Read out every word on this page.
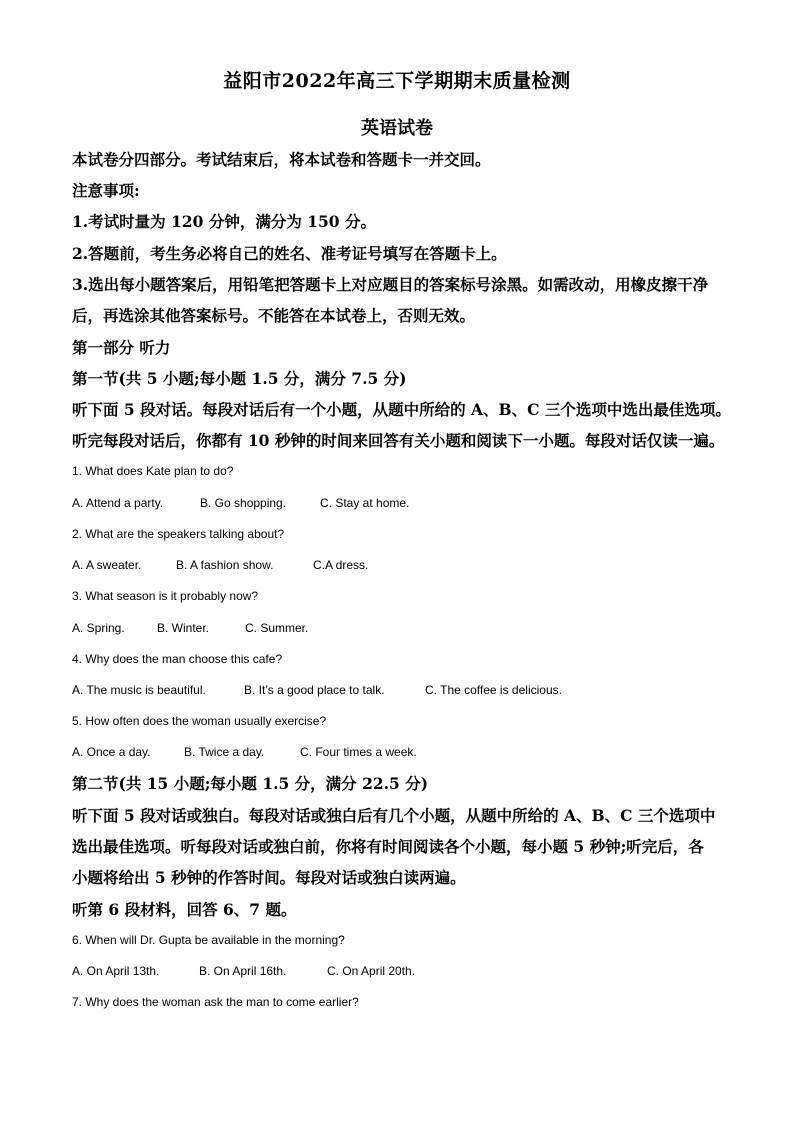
益阳市2022年高三下学期期末质量检测
英语试卷
本试卷分四部分。考试结束后，将本试卷和答题卡一并交回。
注意事项:
1.考试时量为 120 分钟，满分为 150 分。
2.答题前，考生务必将自己的姓名、准考证号填写在答题卡上。
3.选出每小题答案后，用铅笔把答题卡上对应题目的答案标号涂黑。如需改动，用橡皮擦干净
后，再选涂其他答案标号。不能答在本试卷上，否则无效。
第一部分 听力
第一节(共 5 小题;每小题 1.5 分，满分 7.5 分)
听下面 5 段对话。每段对话后有一个小题，从题中所给的 A、B、C 三个选项中选出最佳选项。
听完每段对话后，你都有 10 秒钟的时间来回答有关小题和阅读下一小题。每段对话仅读一遍。
1. What does Kate plan to do?
A. Attend a party.	B. Go shopping.	C. Stay at home.
2. What are the speakers talking about?
A. A sweater.	B. A fashion show.	C.A dress.
3. What season is it probably now?
A. Spring.	B. Winter.	C. Summer.
4. Why does the man choose this cafe?
A. The music is beautiful.	B. It’s a good place to talk.	C. The coffee is delicious.
5. How often does the woman usually exercise?
A. Once a day.	B. Twice a day.	C. Four times a week.
第二节(共 15 小题;每小题 1.5 分，满分 22.5 分)
听下面 5 段对话或独白。每段对话或独白后有几个小题，从题中所给的 A、B、C 三个选项中
选出最佳选项。听每段对话或独白前，你将有时间阅读各个小题，每小题 5 秒钟;听完后，各
小题将给出 5 秒钟的作答时间。每段对话或独白读两遍。
听第 6 段材料，回答 6、7 题。
6. When will Dr. Gupta be available in the morning?
A. On April 13th.	B. On April 16th.	C. On April 20th.
7. Why does the woman ask the man to come earlier?
